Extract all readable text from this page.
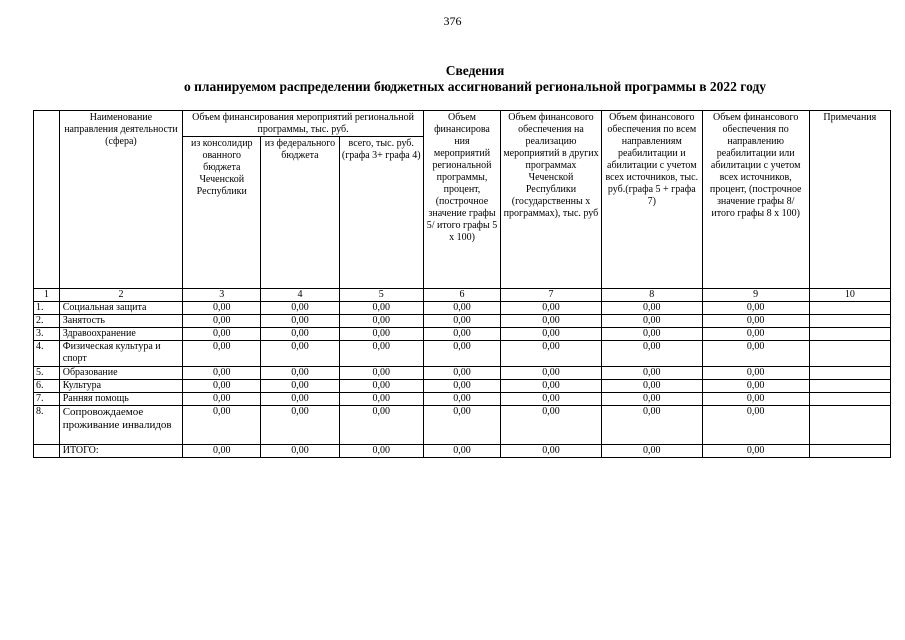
376
Сведения
о планируемом распределении бюджетных ассигнований региональной программы в 2022 году
	Наименование направления деятельности (сфера)	Объем финансирования мероприятий региональной программы, тыс. руб.			Объем финансирова ния мероприятий региональной программы, процент, (построчное значение графы 5/ итого графы 5 х 100)	Объем финансового обеспечения на реализацию мероприятий в других программах Чеченской Республики (государственны х программах), тыс. руб	Объем финансового обеспечения по всем направлениям реабилитации и абилитации с учетом всех источников, тыс. руб.(графа 5 + графа 7)	Объем финансового обеспечения по направлению реабилитации или абилитации с учетом всех источников, процент, (построчное значение графы 8/ итого графы 8 х 100)	Примечания
		из консолидир ованного бюджета Чеченской Республики	из федерального бюджета	всего, тыс. руб. (графа 3+ графа 4)					
1	2	3	4	5	6	7	8	9	10
1.	Социальная защита	0,00	0,00	0,00	0,00	0,00	0,00	0,00	
2.	Занятость	0,00	0,00	0,00	0,00	0,00	0,00	0,00	
3.	Здравоохранение	0,00	0,00	0,00	0,00	0,00	0,00	0,00	
4.	Физическая культура и спорт	0,00	0,00	0,00	0,00	0,00	0,00	0,00	
5.	Образование	0,00	0,00	0,00	0,00	0,00	0,00	0,00	
6.	Культура	0,00	0,00	0,00	0,00	0,00	0,00	0,00	
7.	Ранняя помощь	0,00	0,00	0,00	0,00	0,00	0,00	0,00	
8.	Сопровождаемое проживание инвалидов	0,00	0,00	0,00	0,00	0,00	0,00	0,00	
	ИТОГО:	0,00	0,00	0,00	0,00	0,00	0,00	0,00	
